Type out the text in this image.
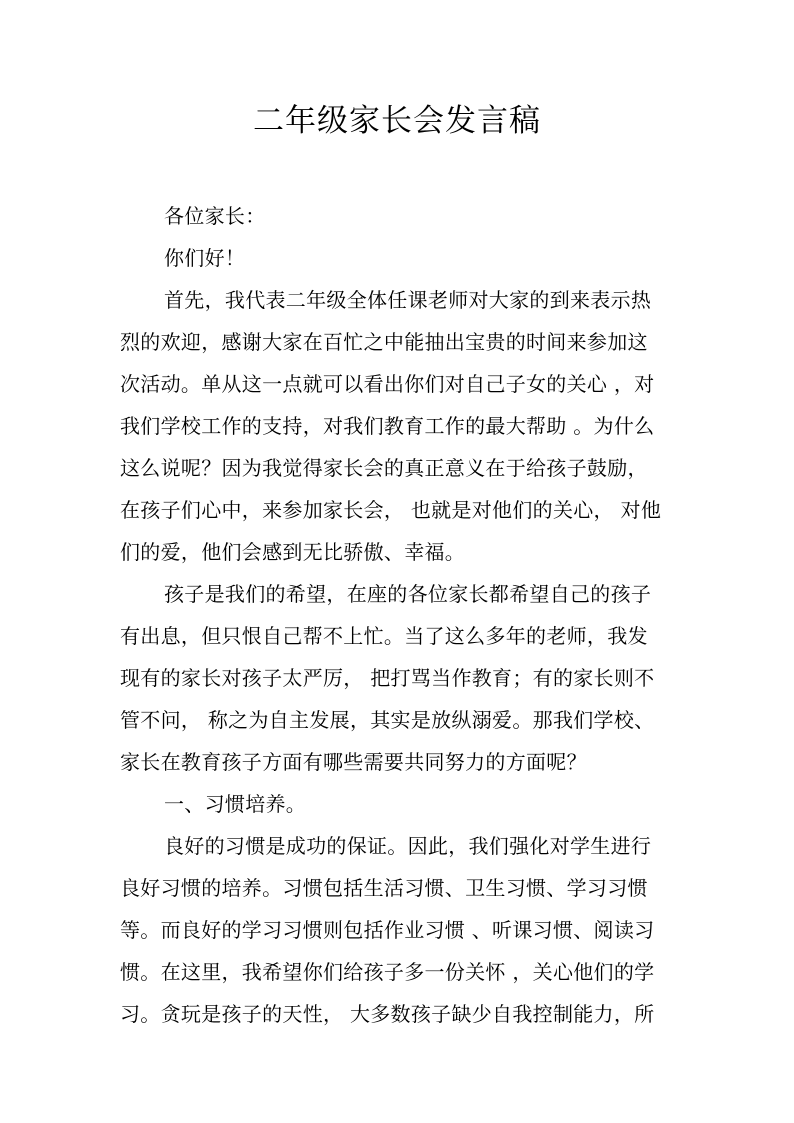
二年级家长会发言稿
各位家长：
你们好！
首先，我代表二年级全体任课老师对大家的到来表示热
烈的欢迎，感谢大家在百忙之中能抽出宝贵的时间来参加这
次活动。单从这一点就可以看出你们对自己子女的关心 ，对
我们学校工作的支持，对我们教育工作的最大帮助 。为什么
这么说呢？因为我觉得家长会的真正意义在于给孩子鼓励，
在孩子们心中，来参加家长会， 也就是对他们的关心， 对他
们的爱，他们会感到无比骄傲、幸福。
孩子是我们的希望，在座的各位家长都希望自己的孩子
有出息，但只恨自己帮不上忙。当了这么多年的老师，我发
现有的家长对孩子太严厉， 把打骂当作教育；有的家长则不
管不问， 称之为自主发展，其实是放纵溺爱。那我们学校、
家长在教育孩子方面有哪些需要共同努力的方面呢？
一、习惯培养。
良好的习惯是成功的保证。因此，我们强化对学生进行
良好习惯的培养。习惯包括生活习惯、卫生习惯、学习习惯
等。而良好的学习习惯则包括作业习惯 、听课习惯、阅读习
惯。在这里，我希望你们给孩子多一份关怀 ，关心他们的学
习。贪玩是孩子的天性， 大多数孩子缺少自我控制能力，所
